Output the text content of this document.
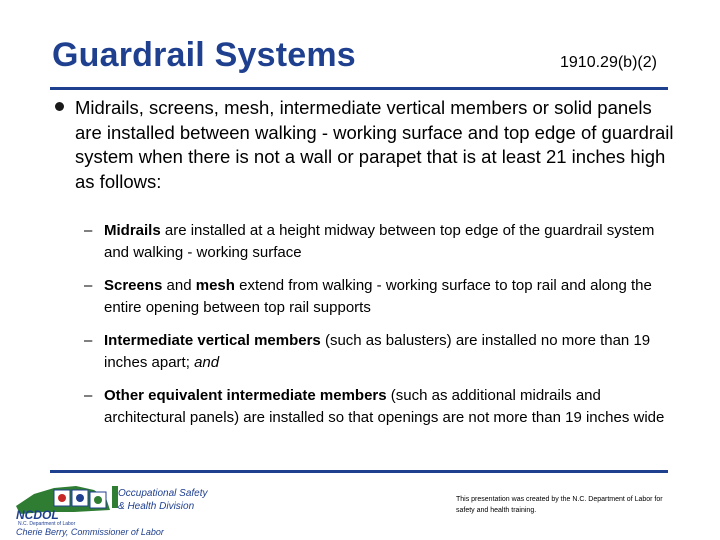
Guardrail Systems	1910.29(b)(2)
Midrails, screens, mesh, intermediate vertical members or solid panels are installed between walking - working surface and top edge of guardrail system when there is not a wall or parapet that is at least 21 inches high as follows:
– Midrails are installed at a height midway between top edge of the guardrail system and walking - working surface
– Screens and mesh extend from walking - working surface to top rail and along the entire opening between top rail supports
– Intermediate vertical members (such as balusters) are installed no more than 19 inches apart; and
– Other equivalent intermediate members (such as additional midrails and architectural panels) are installed so that openings are not more than 19 inches wide
Occupational Safety
& Health Division
NCDOL
N.C. Department of Labor
Cherie Berry, Commissioner of Labor
This presentation was created by the N.C. Department of Labor for safety and health training.
